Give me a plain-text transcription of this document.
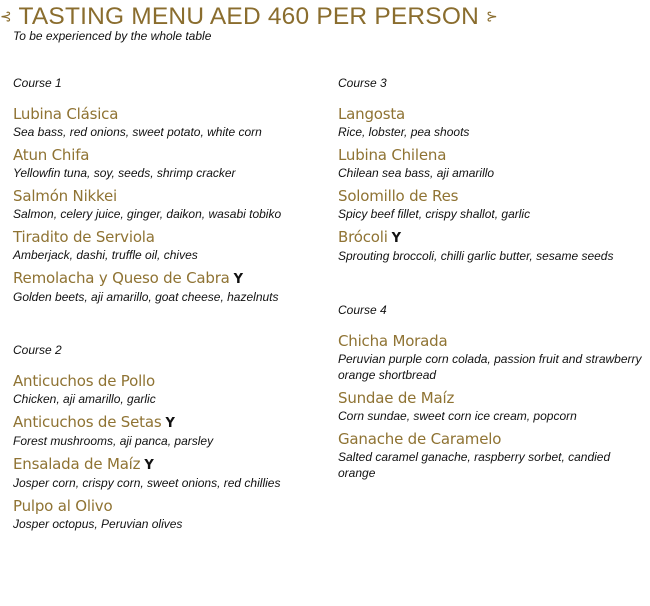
⊰ TASTING MENU AED 460 PER PERSON ⊱
To be experienced by the whole table
Course 1
Lubina Clásica
Sea bass, red onions, sweet potato, white corn
Atun Chifa
Yellowfin tuna, soy, seeds, shrimp cracker
Salmón Nikkei
Salmon, celery juice, ginger, daikon, wasabi tobiko
Tiradito de Serviola
Amberjack, dashi, truffle oil, chives
Remolacha y Queso de Cabra Y
Golden beets, aji amarillo, goat cheese, hazelnuts
Course 2
Anticuchos de Pollo
Chicken, aji amarillo, garlic
Anticuchos de Setas Y
Forest mushrooms, aji panca, parsley
Ensalada de Maíz Y
Josper corn, crispy corn, sweet onions, red chillies
Pulpo al Olivo
Josper octopus, Peruvian olives
Course 3
Langosta
Rice, lobster, pea shoots
Lubina Chilena
Chilean sea bass, aji amarillo
Solomillo de Res
Spicy beef fillet, crispy shallot, garlic
Brócoli Y
Sprouting broccoli, chilli garlic butter, sesame seeds
Course 4
Chicha Morada
Peruvian purple corn colada, passion fruit and strawberry orange shortbread
Sundae de Maíz
Corn sundae, sweet corn ice cream, popcorn
Ganache de Caramelo
Salted caramel ganache, raspberry sorbet, candied orange
